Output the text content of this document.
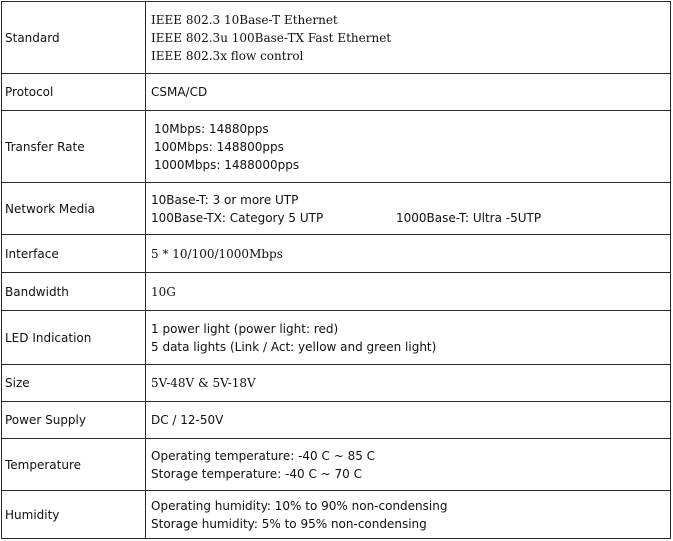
Standard	IEEE 802.3 10Base-T Ethernet
IEEE 802.3u 100Base-TX Fast Ethernet
IEEE 802.3x flow control

Protocol	CSMA/CD

Transfer Rate	10Mbps: 14880pps
100Mbps: 148800pps
1000Mbps: 1488000pps

Network Media	10Base-T: 3 or more UTP
100Base-TX: Category 5 UTP 1000Base-T: Ultra -5UTP

Interface	5 * 10/100/1000Mbps

Bandwidth	10G

LED Indication	1 power light (power light: red)
5 data lights (Link / Act: yellow and green light)

Size	5V-48V & 5V-18V

Power Supply	DC / 12-50V

Temperature	Operating temperature: -40 C ~ 85 C
Storage temperature: -40 C ~ 70 C

Humidity	Operating humidity: 10% to 90% non-condensing
Storage humidity: 5% to 95% non-condensing
